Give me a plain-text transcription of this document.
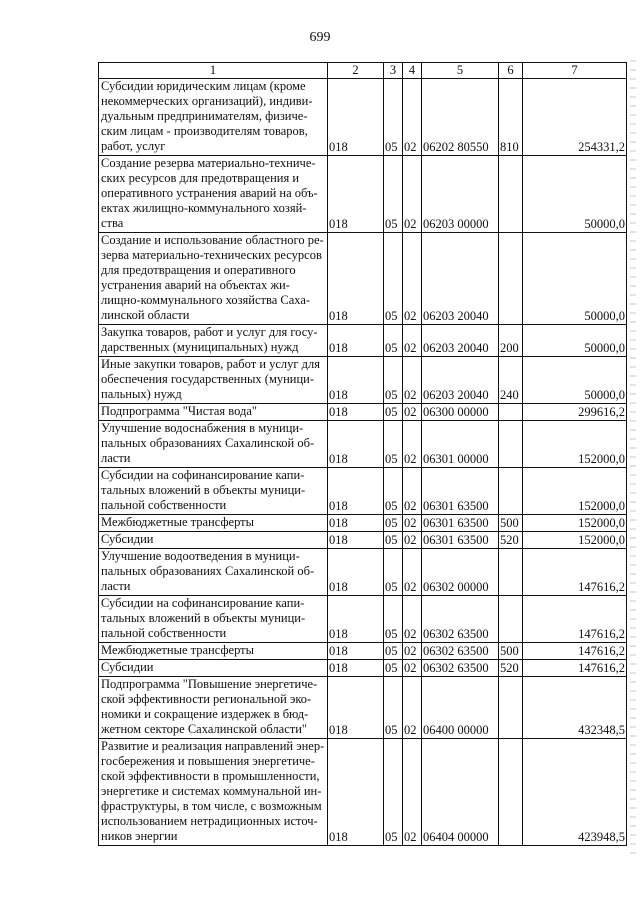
699
1	2	3	4	5	6	7

Субсидии юридическим лицам (кроме некоммерческих организаций), индиви-дуальным предпринимателям, физиче-ским лицам - производителям товаров, работ, услуг	018	05	02	06202 80550	810	254331,2

Создание резерва материально-техниче-ских ресурсов для предотвращения и оперативного устранения аварий на объ-ектах жилищно-коммунального хозяй-ства	018	05	02	06203 00000		50000,0

Создание и использование областного ре-зерва материально-технических ресурсов для предотвращения и оперативного устранения аварий на объектах жи-лищно-коммунального хозяйства Саха-линской области	018	05	02	06203 20040		50000,0

Закупка товаров, работ и услуг для госу-дарственных (муниципальных) нужд	018	05	02	06203 20040	200	50000,0

Иные закупки товаров, работ и услуг для обеспечения государственных (муници-пальных) нужд	018	05	02	06203 20040	240	50000,0

Подпрограмма "Чистая вода"	018	05	02	06300 00000		299616,2

Улучшение водоснабжения в муници-пальных образованиях Сахалинской об-ласти	018	05	02	06301 00000		152000,0

Субсидии на софинансирование капи-тальных вложений в объекты муници-пальной собственности	018	05	02	06301 63500		152000,0

Межбюджетные трансферты	018	05	02	06301 63500	500	152000,0

Субсидии	018	05	02	06301 63500	520	152000,0

Улучшение водоотведения в муници-пальных образованиях Сахалинской об-ласти	018	05	02	06302 00000		147616,2

Субсидии на софинансирование капи-тальных вложений в объекты муници-пальной собственности	018	05	02	06302 63500		147616,2

Межбюджетные трансферты	018	05	02	06302 63500	500	147616,2

Субсидии	018	05	02	06302 63500	520	147616,2

Подпрограмма "Повышение энергетиче-ской эффективности региональной эко-номики и сокращение издержек в бюд-жетном секторе Сахалинской области"	018	05	02	06400 00000		432348,5

Развитие и реализация направлений энер-госбережения и повышения энергетиче-ской эффективности в промышленности, энергетике и системах коммунальной ин-фраструктуры, в том числе, с возможным использованием нетрадиционных источ-ников энергии	018	05	02	06404 00000		423948,5
